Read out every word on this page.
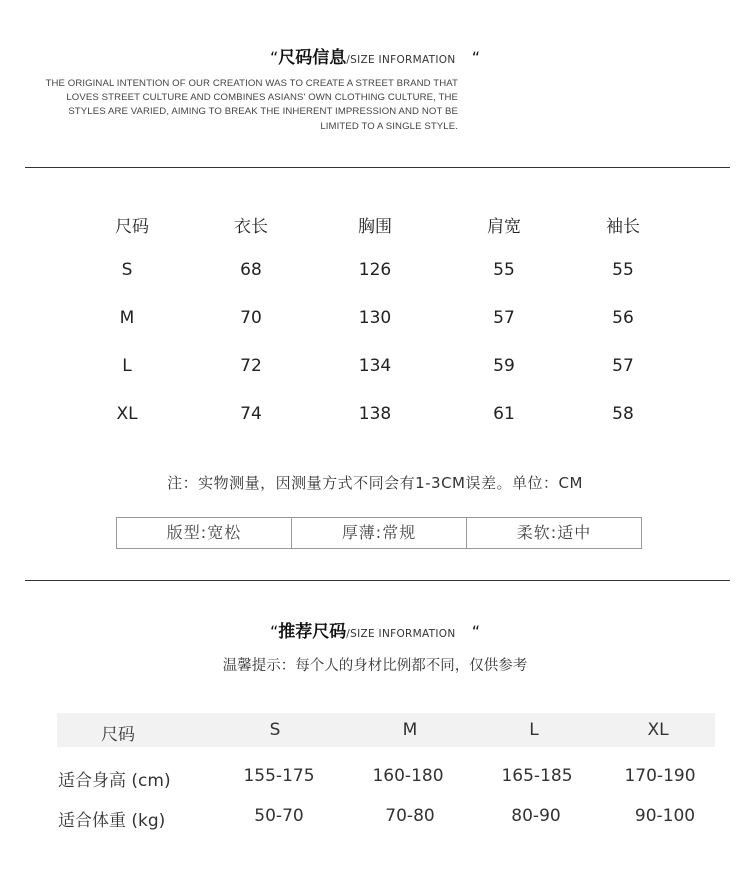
“尺码信息/SIZE INFORMATION “
THE ORIGINAL INTENTION OF OUR CREATION WAS TO CREATE A STREET BRAND THAT
LOVES STREET CULTURE AND COMBINES ASIANS' OWN CLOTHING CULTURE, THE
STYLES ARE VARIED, AIMING TO BREAK THE INHERENT IMPRESSION AND NOT BE
LIMITED TO A SINGLE STYLE.
尺码	衣长	胸围	肩宽	袖长
S	68	126	55	55
M	70	130	57	56
L	72	134	59	57
XL	74	138	61	58
注：实物测量，因测量方式不同会有1-3CM误差。单位：CM
版型:宽松	厚薄:常规	柔软:适中
“推荐尺码/SIZE INFORMATION “
温馨提示：每个人的身材比例都不同，仅供参考
尺码	S	M	L	XL
适合身高 (cm)	155-175	160-180	165-185	170-190
适合体重 (kg)	50-70	70-80	80-90	90-100
